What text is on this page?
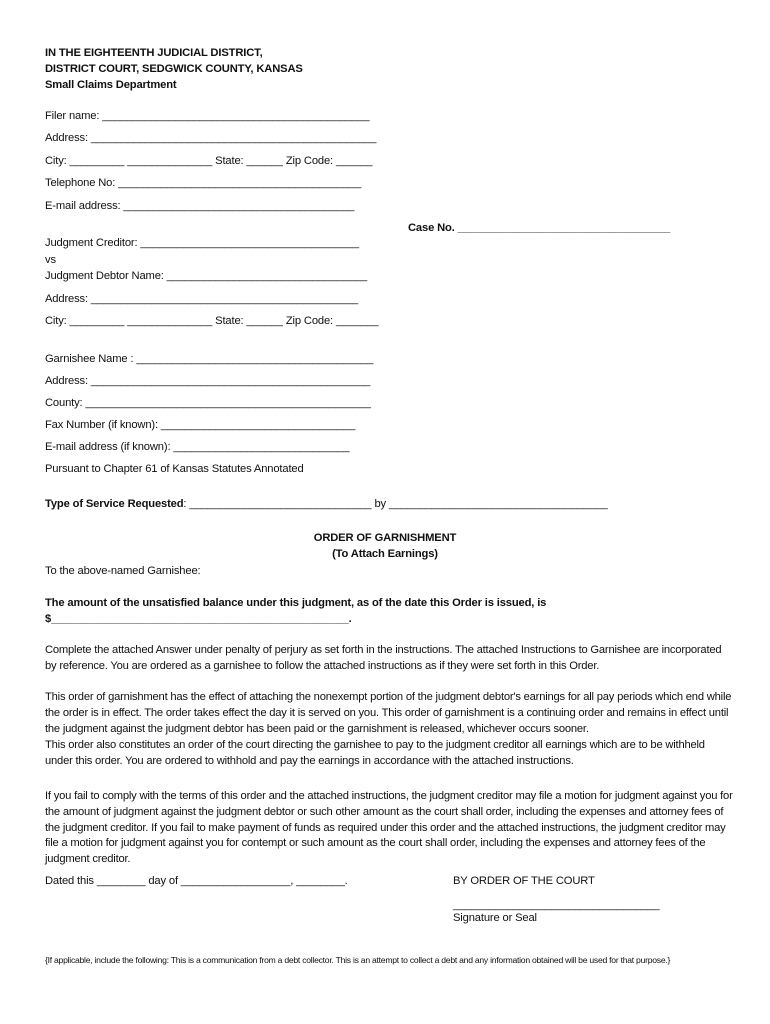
IN THE EIGHTEENTH JUDICIAL DISTRICT,
DISTRICT COURT, SEDGWICK COUNTY, KANSAS
Small Claims Department
Filer name: ____________________________________________
Address: _______________________________________________
City: _________ ______________ State: ______ Zip Code: ______
Telephone No: ________________________________________
E-mail address: ______________________________________
Case No. ___________________________________
Judgment Creditor: ____________________________________
vs
Judgment Debtor Name: _________________________________
Address: ____________________________________________
City: _________ ______________ State: ______ Zip Code: _______
Garnishee Name : _______________________________________
Address: ______________________________________________
County: _______________________________________________
Fax Number (if known): ________________________________
E-mail address (if known): _____________________________
Pursuant to Chapter 61 of Kansas Statutes Annotated
Type of Service Requested: ______________________________ by ____________________________________
ORDER OF GARNISHMENT
(To Attach Earnings)
To the above-named Garnishee:
The amount of the unsatisfied balance under this judgment, as of the date this Order is issued, is
$_________________________________________________.
Complete the attached Answer under penalty of perjury as set forth in the instructions. The attached Instructions to Garnishee are incorporated by reference. You are ordered as a garnishee to follow the attached instructions as if they were set forth in this Order.
This order of garnishment has the effect of attaching the nonexempt portion of the judgment debtor's earnings for all pay periods which end while the order is in effect. The order takes effect the day it is served on you. This order of garnishment is a continuing order and remains in effect until the judgment against the judgment debtor has been paid or the garnishment is released, whichever occurs sooner.
This order also constitutes an order of the court directing the garnishee to pay to the judgment creditor all earnings which are to be withheld under this order. You are ordered to withhold and pay the earnings in accordance with the attached instructions.
If you fail to comply with the terms of this order and the attached instructions, the judgment creditor may file a motion for judgment against you for the amount of judgment against the judgment debtor or such other amount as the court shall order, including the expenses and attorney fees of the judgment creditor. If you fail to make payment of funds as required under this order and the attached instructions, the judgment creditor may file a motion for judgment against you for contempt or such amount as the court shall order, including the expenses and attorney fees of the judgment creditor.
Dated this ________ day of __________________, ________.	BY ORDER OF THE COURT
__________________________________
Signature or Seal
{If applicable, include the following: This is a communication from a debt collector. This is an attempt to collect a debt and any information obtained will be used for that purpose.}
